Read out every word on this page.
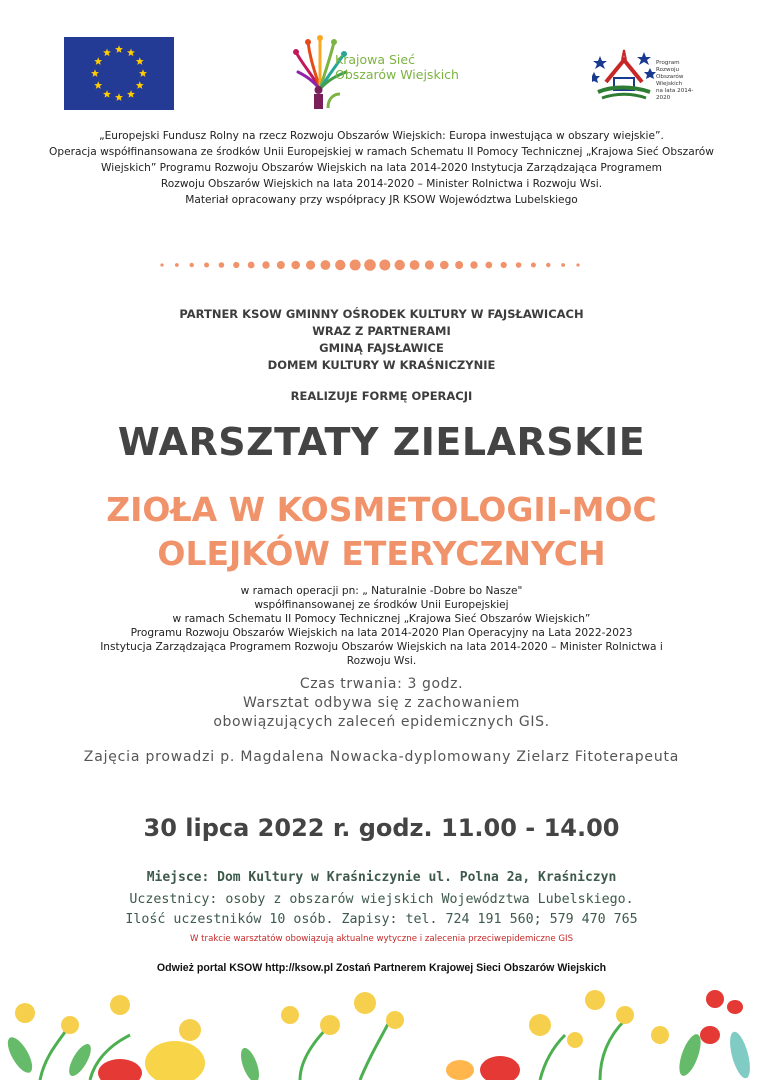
Krajowa Sieć
Obszarów Wiejskich
Program
Rozwoju
Obszarów
Wiejskich
na lata 2014-2020
„Europejski Fundusz Rolny na rzecz Rozwoju Obszarów Wiejskich: Europa inwestująca w obszary wiejskie”.
Operacja współfinansowana ze środków Unii Europejskiej w ramach Schematu II Pomocy Technicznej „Krajowa Sieć Obszarów
Wiejskich” Programu Rozwoju Obszarów Wiejskich na lata 2014-2020 Instytucja Zarządzająca Programem
Rozwoju Obszarów Wiejskich na lata 2014-2020 – Minister Rolnictwa i Rozwoju Wsi.
Materiał opracowany przy współpracy JR KSOW Województwa Lubelskiego
PARTNER KSOW GMINNY OŚRODEK KULTURY W FAJSŁAWICACH
WRAZ Z PARTNERAMI
GMINĄ FAJSŁAWICE
DOMEM KULTURY W KRAŚNICZYNIE
REALIZUJE FORMĘ OPERACJI
WARSZTATY ZIELARSKIE
ZIOŁA W KOSMETOLOGII-MOC
OLEJKÓW ETERYCZNYCH
w ramach operacji pn: „ Naturalnie -Dobre bo Nasze"
współfinansowanej ze środków Unii Europejskiej
w ramach Schematu II Pomocy Technicznej „Krajowa Sieć Obszarów Wiejskich”
Programu Rozwoju Obszarów Wiejskich na lata 2014-2020 Plan Operacyjny na Lata 2022-2023
Instytucja Zarządzająca Programem Rozwoju Obszarów Wiejskich na lata 2014-2020 – Minister Rolnictwa i
Rozwoju Wsi.
Czas trwania: 3 godz.
Warsztat odbywa się z zachowaniem
obowiązujących zaleceń epidemicznych GIS.
Zajęcia prowadzi p. Magdalena Nowacka-dyplomowany Zielarz Fitoterapeuta
30 lipca 2022 r. godz. 11.00 - 14.00
Miejsce: Dom Kultury w Kraśniczynie ul. Polna 2a, Kraśniczyn
Uczestnicy: osoby z obszarów wiejskich Województwa Lubelskiego.
Ilość uczestników 10 osób. Zapisy: tel. 724 191 560; 579 470 765
W trakcie warsztatów obowiązują aktualne wytyczne i zalecenia przeciwepidemiczne GIS
Odwież portal KSOW http://ksow.pl Zostań Partnerem Krajowej Sieci Obszarów Wiejskich
